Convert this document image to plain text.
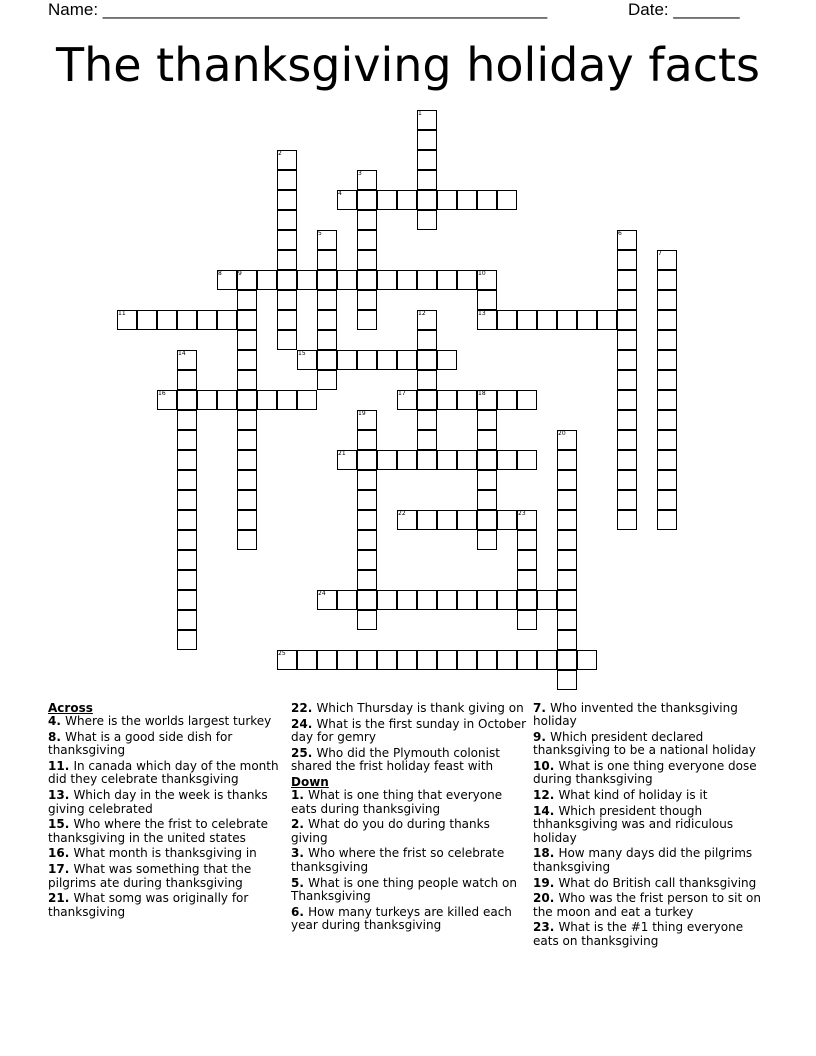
Name: _______________________________________________	Date: _______
The thanksgiving holiday facts
1
2
3
4
5	6
7
8	9	10
13
11	12
14	15
16	17	18
19
20
21
22	23
24
25
Across
4. Where is the worlds largest turkey
8. What is a good side dish for thanksgiving
11. In canada which day of the month did they celebrate thanksgiving
13. Which day in the week is thanks giving celebrated
15. Who where the frist to celebrate thanksgiving in the united states
16. What month is thanksgiving in
17. What was something that the pilgrims ate during thanksgiving
21. What somg was originally for thanksgiving
22. Which Thursday is thank giving on
24. What is the first sunday in October day for gemry
25. Who did the Plymouth colonist shared the frist holiday feast with
Down
1. What is one thing that everyone eats during thanksgiving
2. What do you do during thanks giving
3. Who where the frist so celebrate thanksgiving
5. What is one thing people watch on Thanksgiving
6. How many turkeys are killed each year during thanksgiving
7. Who invented the thanksgiving holiday
9. Which president declared thanksgiving to be a national holiday
10. What is one thing everyone dose during thanksgiving
12. What kind of holiday is it
14. Which president though thhanksgiving was and ridiculous holiday
18. How many days did the pilgrims thanksgiving
19. What do British call thanksgiving
20. Who was the frist person to sit on the moon and eat a turkey
23. What is the #1 thing everyone eats on thanksgiving
